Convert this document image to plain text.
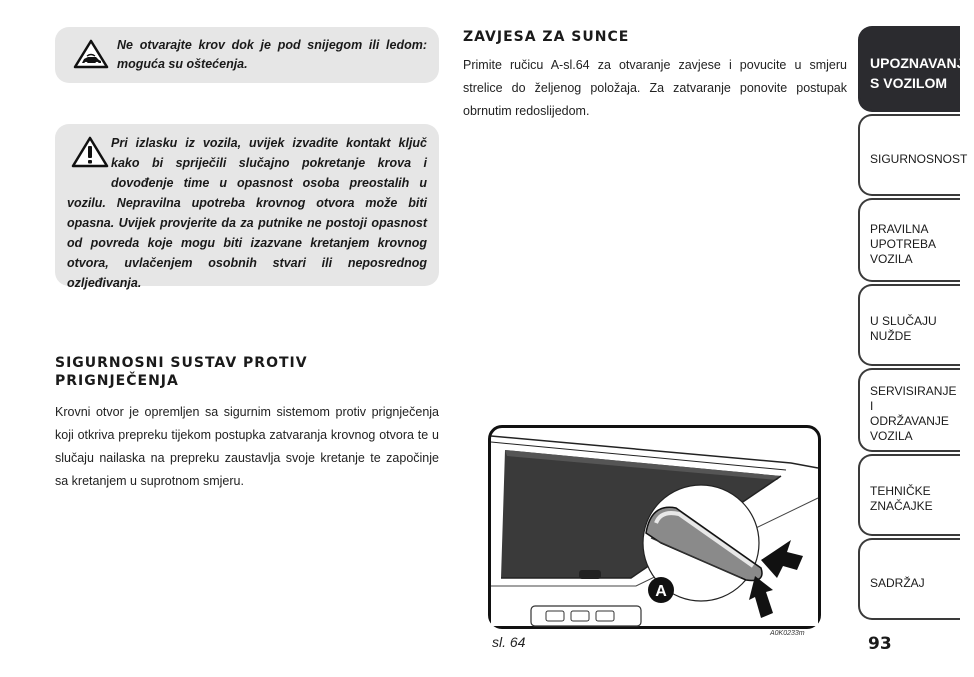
Ne otvarajte krov dok je pod snijegom ili ledom: moguća su oštećenja.
Pri izlasku iz vozila, uvijek izvadite kontakt ključ kako bi spriječili slučajno pokretanje krova i dovođenje time u opasnost osoba preostalih u vozilu. Nepravilna upotreba krovnog otvora može biti opasna. Uvijek provjerite da za putnike ne postoji opasnost od povreda koje mogu biti izazvane kretanjem krovnog otvora, uvlačenjem osobnih stvari ili neposrednog ozljeđivanja.
SIGURNOSNI SUSTAV PROTIV PRIGNJEČENJA
Krovni otvor je opremljen sa sigurnim sistemom protiv prignječenja koji otkriva prepreku tijekom postupka zatvaranja krovnog otvora te u slučaju nailaska na prepreku zaustavlja svoje kretanje te započinje sa kretanjem u suprotnom smjeru.
ZAVJESA ZA SUNCE
Primite ručicu A-sl.64 za otvaranje zavjese i povucite u smjeru strelice do željenog položaja. Za zatvaranje ponovite postupak obrnutim redoslijedom.
A
sl. 64
A0K0233m
93
UPOZNAVANJE
S VOZILOM
SIGURNOSNOST
PRAVILNA
UPOTREBA
VOZILA
U SLUČAJU
NUŽDE
SERVISIRANJE I
ODRŽAVANJE
VOZILA
TEHNIČKE
ZNAČAJKE
SADRŽAJ
